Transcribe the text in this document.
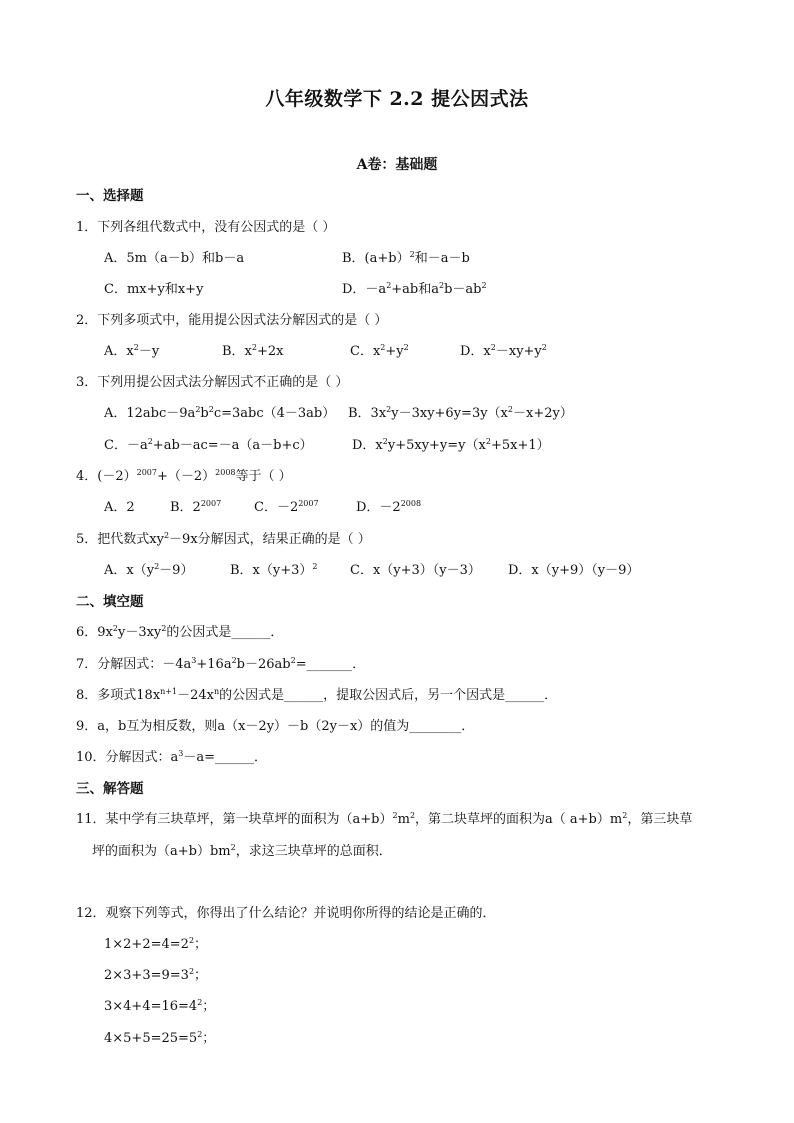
八年级数学下 2.2 提公因式法
A卷：基础题
一、选择题
1．下列各组代数式中，没有公因式的是（ ）
A．5m（a－b）和b－a	B．(a+b）$^2$和－a－b
C．mx+y和x+y	D．$-a^2+ab$和$a^2b-ab^2$
2．下列多项式中，能用提公因式法分解因式的是（ ）
A．$x^2-y$	B．$x^2+2x$	C．$x^2+y^2$	D．$x^2-xy+y^2$
3．下列用提公因式法分解因式不正确的是（ ）
A．$12abc-9a^2b^2c=3abc(4-3ab)$ B．$3x^2y-3xy+6y=3y(x^2-x+2y)$
C．$-a^2+ab-ac=-a(a-b+c)$	D．$x^2y+5xy+y=y(x^2+5x+1)$
4．$(-2)^{2007}+(-2)^{2008}$等于（ ）
A．2	B．$2^{2007}$	C．$-2^{2007}$	D．$-2^{2008}$
5．把代数式$xy^2-9x$分解因式，结果正确的是（ ）
A．$x(y^2-9)$	B．$x(y+3)^2$	C．x（y+3）（y－3） D．x（y+9）（y－9）
二、填空题
6．$9x^2y-3xy^2$的公因式是______．
7．分解因式：$-4a^3+16a^2b-26ab^2=\_\_\_\_\_\_\_$．
8．多项式$18x^{n+1}-24x^n$的公因式是______，提取公因式后，另一个因式是______．
9．a，b互为相反数，则a（x－2y）－b（2y－x）的值为________．
10．分解因式：$a^3-a=\_\_\_\_\_\_$．
三、解答题
11．某中学有三块草坪，第一块草坪的面积为$(a+b)^2m^2$，第二块草坪的面积为a（ $a+b)m^2$，第三块草
坪的面积为$(a+b)bm^2$，求这三块草坪的总面积．
12．观察下列等式，你得出了什么结论？并说明你所得的结论是正确的．
$1\times 2+2=4=2^2$；
$2\times 3+3=9=3^2$；
$3\times 4+4=16=4^2$；
$4\times 5+5=25=5^2$；
